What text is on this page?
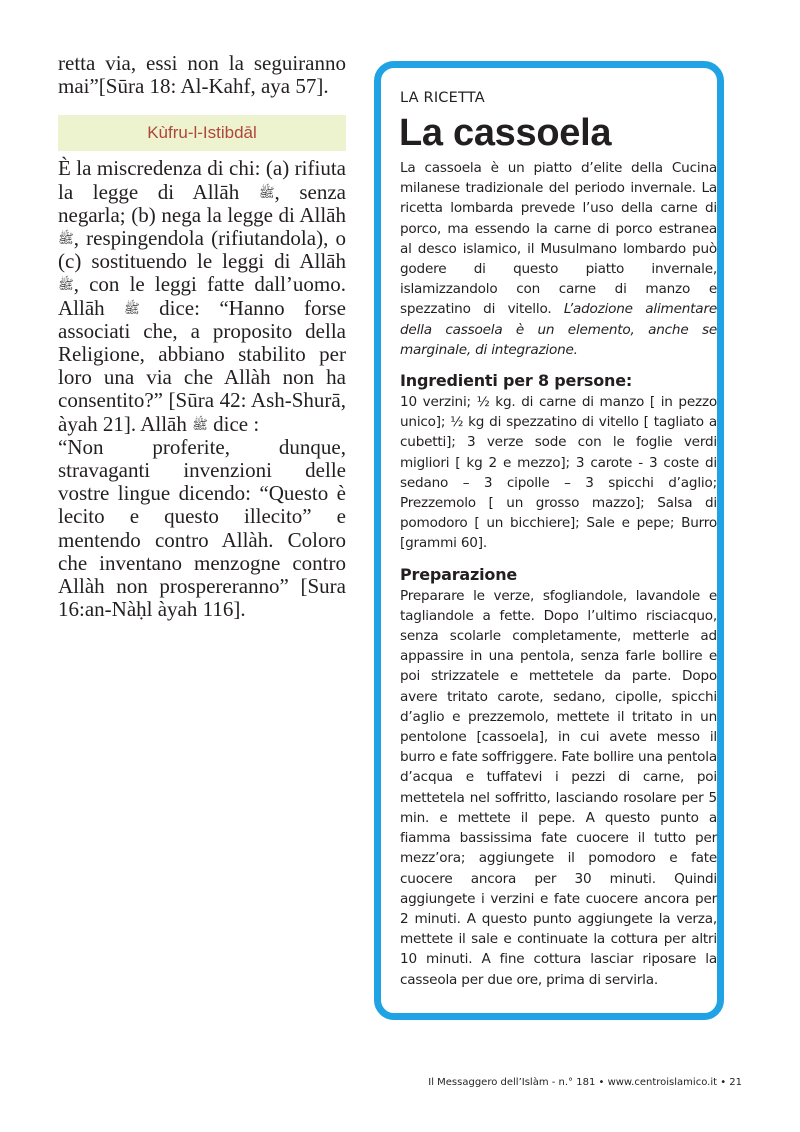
retta via, essi non la seguiranno mai”[Sūra 18: Al-Kahf, aya 57].

Kùfru-l-Istibdāl

È la miscredenza di chi: (a) rifiuta la legge di Allāh ﷺ, senza negarla; (b) nega la legge di Allāh ﷺ, respingendola (rifiutandola), o (c) sostituendo le leggi di Allāh ﷺ, con le leggi fatte dall’uomo. Allāh ﷺ dice: “Hanno forse associati che, a proposito della Religione, abbiano stabilito per loro una via che Allàh non ha consentito?” [Sūra 42: Ash-Shurā, àyah 21]. Allāh ﷺ dice :

“Non proferite, dunque, stravaganti invenzioni delle vostre lingue dicendo: “Questo è lecito e questo illecito” e mentendo contro Allàh. Coloro che inventano menzogne contro Allàh non prospereranno” [Sura 16:an-Nàḥl àyah 116].

LA RICETTA

La cassoela

La cassoela è un piatto d’elite della Cucina milanese tradizionale del periodo invernale. La ricetta lombarda prevede l’uso della carne di porco, ma essendo la carne di porco estranea al desco islamico, il Musulmano lombardo può godere di questo piatto invernale, islamizzandolo con carne di manzo e spezzatino di vitello. L’adozione alimentare della cassoela è un elemento, anche se marginale, di integrazione.

Ingredienti per 8 persone:

10 verzini; ½ kg. di carne di manzo [ in pezzo unico]; ½ kg di spezzatino di vitello [ tagliato a cubetti]; 3 verze sode con le foglie verdi migliori [ kg 2 e mezzo]; 3 carote - 3 coste di sedano – 3 cipolle – 3 spicchi d’aglio; Prezzemolo [ un grosso mazzo]; Salsa di pomodoro [ un bicchiere]; Sale e pepe; Burro [grammi 60].

Preparazione

Preparare le verze, sfogliandole, lavandole e tagliandole a fette. Dopo l’ultimo risciacquo, senza scolarle completamente, metterle ad appassire in una pentola, senza farle bollire e poi strizzatele e mettetele da parte. Dopo avere tritato carote, sedano, cipolle, spicchi d’aglio e prezzemolo, mettete il tritato in un pentolone [cassoela], in cui avete messo il burro e fate soffriggere. Fate bollire una pentola d’acqua e tuffatevi i pezzi di carne, poi mettetela nel soffritto, lasciando rosolare per 5 min. e mettete il pepe. A questo punto a fiamma bassissima fate cuocere il tutto per mezz’ora; aggiungete il pomodoro e fate cuocere ancora per 30 minuti. Quindi aggiungete i verzini e fate cuocere ancora per 2 minuti. A questo punto aggiungete la verza, mettete il sale e continuate la cottura per altri 10 minuti. A fine cottura lasciar riposare la casseola per due ore, prima di servirla.

Il Messaggero dell’Islàm - n.° 181 • www.centroislamico.it • 21
